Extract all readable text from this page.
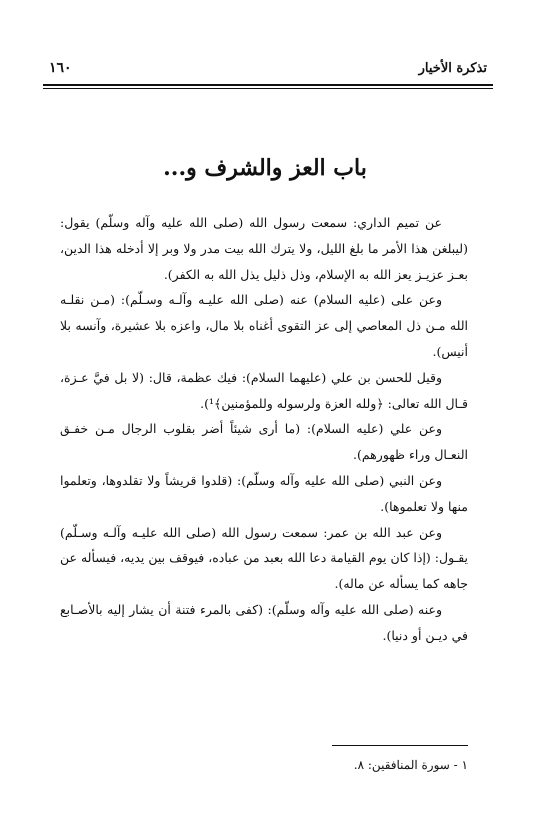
تذكرة الأخيار
١٦٠
باب العز والشرف و...

عن تميم الداري: سمعت رسول الله (صلى الله عليه وآله وسلّم) يقول: (ليبلغن هذا الأمر ما بلغ الليل، ولا يترك الله بيت مدر ولا وبر إلا أدخله هذا الدين، بعـز عزيـز يعز الله به الإسلام، وذل ذليل يذل الله به الكفر).

وعن على (عليه السلام) عنه (صلى الله عليـه وآلـه وسـلّم): (مـن نقلـه الله مـن ذل المعاصي إلى عز التقوى أغناه بلا مال، واعزه بلا عشيرة، وآنسه بلا أنيس).

وقيل للحسن بن علي (عليهما السلام): فيك عظمة، قال: (لا بل فيَّ عـزة، قـال الله تعالى: ﴿ولله العزة ولرسوله وللمؤمنين﴾¹).

وعن علي (عليه السلام): (ما أرى شيئاً أضر بقلوب الرجال مـن خفـق النعـال وراء ظهورهم).

وعن النبي (صلى الله عليه وآله وسلّم): (قلدوا قريشاً ولا تقلدوها، وتعلموا منها ولا تعلموها).

وعن عبد الله بن عمر: سمعت رسول الله (صلى الله عليـه وآلـه وسـلّم) يقـول: (إذا كان يوم القيامة دعا الله بعبد من عباده، فيوقف بين يديه، فيسأله عن جاهه كما يسأله عن ماله).

وعنه (صلى الله عليه وآله وسلّم): (كفى بالمرء فتنة أن يشار إليه بالأصـابع في ديـن أو دنيا).

١ - سورة المنافقين: ٨.
